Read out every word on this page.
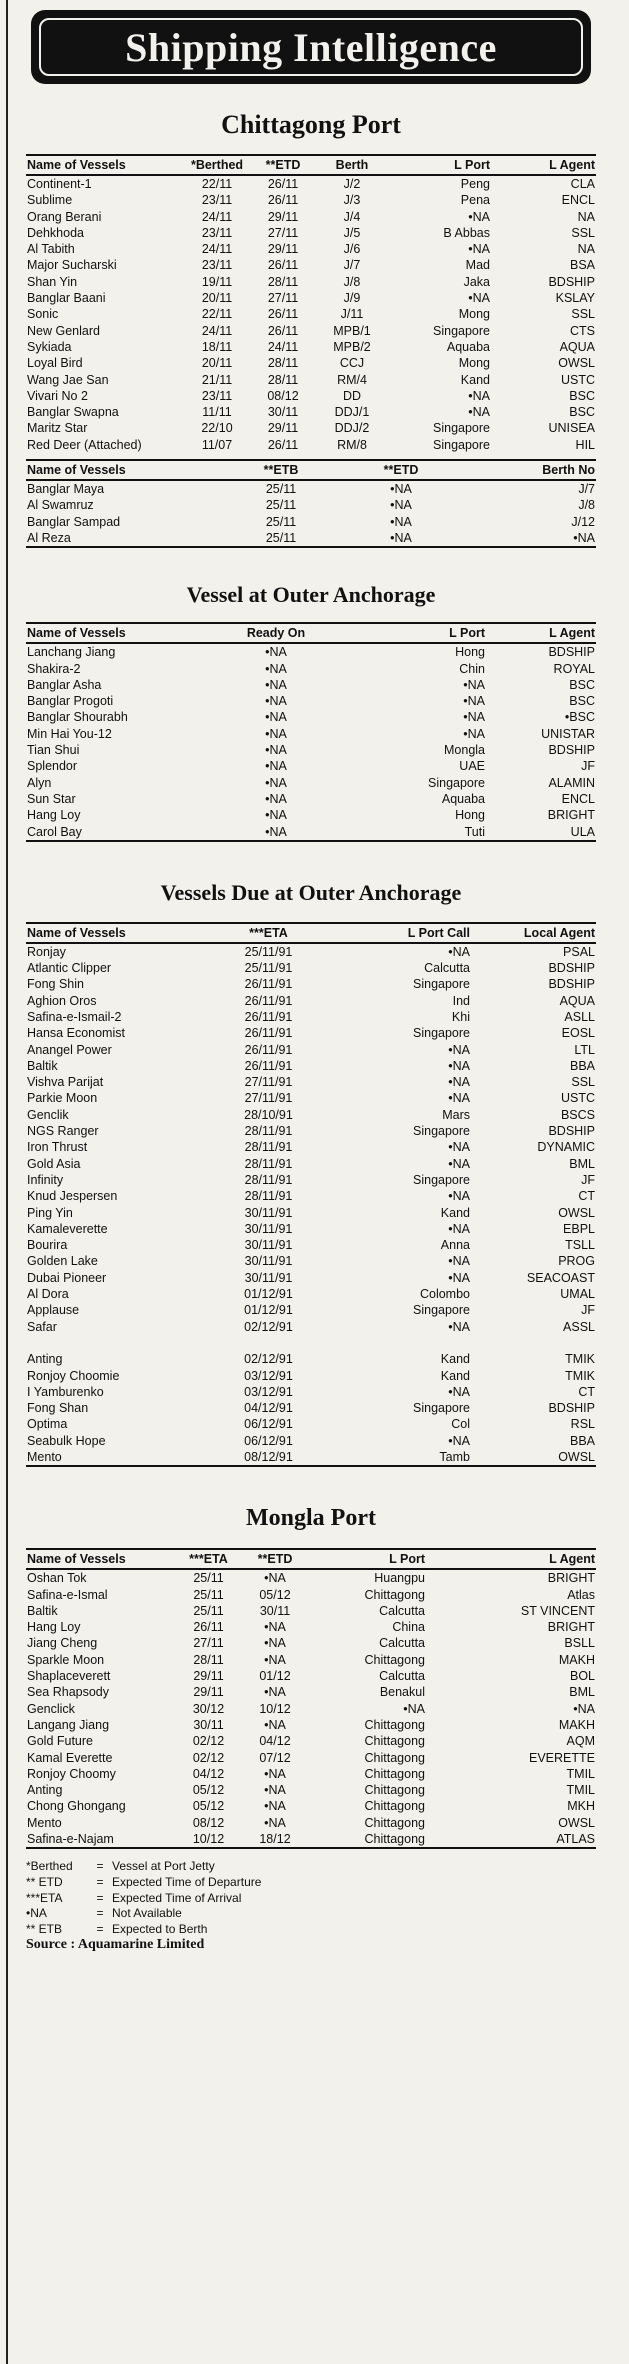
Shipping Intelligence
Chittagong Port
Name of Vessels	*Berthed	**ETD	Berth	L Port	L Agent
Continent-1	22/11	26/11	J/2	Peng	CLA
Sublime	23/11	26/11	J/3	Pena	ENCL
Orang Berani	24/11	29/11	J/4	•NA	NA
Dehkhoda	23/11	27/11	J/5	B Abbas	SSL
Al Tabith	24/11	29/11	J/6	•NA	NA
Major Sucharski	23/11	26/11	J/7	Mad	BSA
Shan Yin	19/11	28/11	J/8	Jaka	BDSHIP
Banglar Baani	20/11	27/11	J/9	•NA	KSLAY
Sonic	22/11	26/11	J/11	Mong	SSL
New Genlard	24/11	26/11	MPB/1	Singapore	CTS
Sykiada	18/11	24/11	MPB/2	Aquaba	AQUA
Loyal Bird	20/11	28/11	CCJ	Mong	OWSL
Wang Jae San	21/11	28/11	RM/4	Kand	USTC
Vivari No 2	23/11	08/12	DD	•NA	BSC
Banglar Swapna	11/11	30/11	DDJ/1	•NA	BSC
Maritz Star	22/10	29/11	DDJ/2	Singapore	UNISEA
Red Deer (Attached)	11/07	26/11	RM/8	Singapore	HIL
Name of Vessels	**ETB	**ETD	Berth No
Banglar Maya	25/11	•NA	J/7
Al Swamruz	25/11	•NA	J/8
Banglar Sampad	25/11	•NA	J/12
Al Reza	25/11	•NA	•NA
Vessel at Outer Anchorage
Name of Vessels	Ready On	L Port	L Agent
Lanchang Jiang	•NA	Hong	BDSHIP
Shakira-2	•NA	Chin	ROYAL
Banglar Asha	•NA	•NA	BSC
Banglar Progoti	•NA	•NA	BSC
Banglar Shourabh	•NA	•NA	•BSC
Min Hai You-12	•NA	•NA	UNISTAR
Tian Shui	•NA	Mongla	BDSHIP
Splendor	•NA	UAE	JF
Alyn	•NA	Singapore	ALAMIN
Sun Star	•NA	Aquaba	ENCL
Hang Loy	•NA	Hong	BRIGHT
Carol Bay	•NA	Tuti	ULA
Vessels Due at Outer Anchorage
Name of Vessels	***ETA	L Port Call	Local Agent
Ronjay	25/11/91	•NA	PSAL
Atlantic Clipper	25/11/91	Calcutta	BDSHIP
Fong Shin	26/11/91	Singapore	BDSHIP
Aghion Oros	26/11/91	Ind	AQUA
Safina-e-Ismail-2	26/11/91	Khi	ASLL
Hansa Economist	26/11/91	Singapore	EOSL
Anangel Power	26/11/91	•NA	LTL
Baltik	26/11/91	•NA	BBA
Vishva Parijat	27/11/91	•NA	SSL
Parkie Moon	27/11/91	•NA	USTC
Genclik	28/10/91	Mars	BSCS
NGS Ranger	28/11/91	Singapore	BDSHIP
Iron Thrust	28/11/91	•NA	DYNAMIC
Gold Asia	28/11/91	•NA	BML
Infinity	28/11/91	Singapore	JF
Knud Jespersen	28/11/91	•NA	CT
Ping Yin	30/11/91	Kand	OWSL
Kamaleverette	30/11/91	•NA	EBPL
Bourira	30/11/91	Anna	TSLL
Golden Lake	30/11/91	•NA	PROG
Dubai Pioneer	30/11/91	•NA	SEACOAST
Al Dora	01/12/91	Colombo	UMAL
Applause	01/12/91	Singapore	JF
Safar	02/12/91	•NA	ASSL

Anting	02/12/91	Kand	TMIK
Ronjoy Choomie	03/12/91	Kand	TMIK
I Yamburenko	03/12/91	•NA	CT
Fong Shan	04/12/91	Singapore	BDSHIP
Optima	06/12/91	Col	RSL
Seabulk Hope	06/12/91	•NA	BBA
Mento	08/12/91	Tamb	OWSL
Mongla Port
Name of Vessels	***ETA	**ETD	L Port	L Agent
Oshan Tok	25/11	•NA	Huangpu	BRIGHT
Safina-e-Ismal	25/11	05/12	Chittagong	Atlas
Baltik	25/11	30/11	Calcutta	ST VINCENT
Hang Loy	26/11	•NA	China	BRIGHT
Jiang Cheng	27/11	•NA	Calcutta	BSLL
Sparkle Moon	28/11	•NA	Chittagong	MAKH
Shaplaceverett	29/11	01/12	Calcutta	BOL
Sea Rhapsody	29/11	•NA	Benakul	BML
Genclick	30/12	10/12	•NA	•NA
Langang Jiang	30/11	•NA	Chittagong	MAKH
Gold Future	02/12	04/12	Chittagong	AQM
Kamal Everette	02/12	07/12	Chittagong	EVERETTE
Ronjoy Choomy	04/12	•NA	Chittagong	TMIL
Anting	05/12	•NA	Chittagong	TMIL
Chong Ghongang	05/12	•NA	Chittagong	MKH
Mento	08/12	•NA	Chittagong	OWSL
Safina-e-Najam	10/12	18/12	Chittagong	ATLAS
*Berthed	= Vessel at Port Jetty
** ETD	= Expected Time of Departure
***ETA	= Expected Time of Arrival
•NA	= Not Available
** ETB	= Expected to Berth
Source : Aquamarine Limited
